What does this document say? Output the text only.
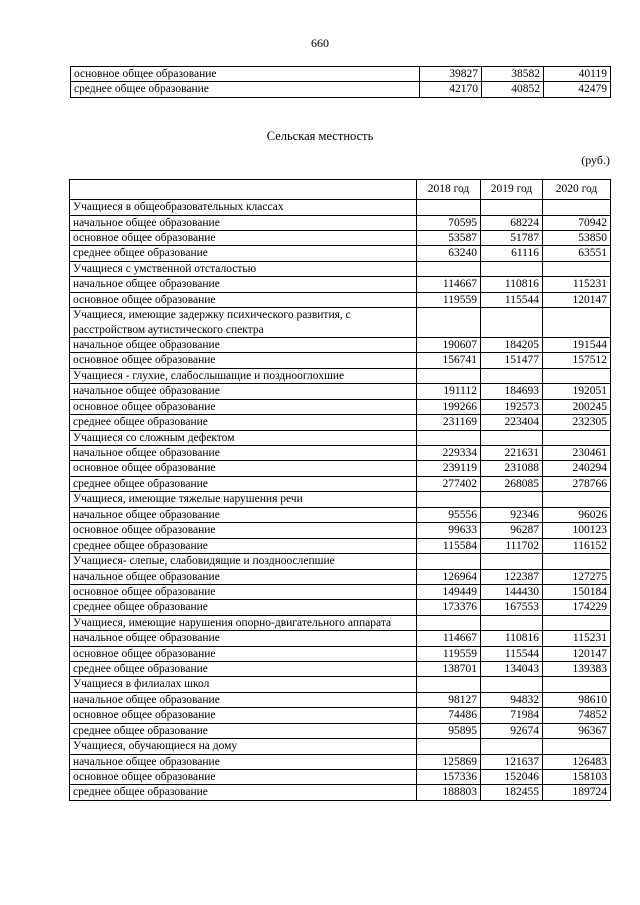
660
основное общее образование	39827	38582	40119
среднее общее образование	42170	40852	42479
Сельская местность
(руб.)
	2018 год	2019 год	2020 год
Учащиеся в общеобразовательных классах			
начальное общее образование	70595	68224	70942
основное общее образование	53587	51787	53850
среднее общее образование	63240	61116	63551
Учащиеся с умственной отсталостью			
начальное общее образование	114667	110816	115231
основное общее образование	119559	115544	120147
Учащиеся, имеющие задержку психического развития, с расстройством аутистического спектра			
начальное общее образование	190607	184205	191544
основное общее образование	156741	151477	157512
Учащиеся - глухие, слабослышащие и позднооглохшие			
начальное общее образование	191112	184693	192051
основное общее образование	199266	192573	200245
среднее общее образование	231169	223404	232305
Учащиеся со сложным дефектом			
начальное общее образование	229334	221631	230461
основное общее образование	239119	231088	240294
среднее общее образование	277402	268085	278766
Учащиеся, имеющие тяжелые нарушения речи			
начальное общее образование	95556	92346	96026
основное общее образование	99633	96287	100123
среднее общее образование	115584	111702	116152
Учащиеся- слепые, слабовидящие и поздноослепшие			
начальное общее образование	126964	122387	127275
основное общее образование	149449	144430	150184
среднее общее образование	173376	167553	174229
Учащиеся, имеющие нарушения опорно-двигательного аппарата			
начальное общее образование	114667	110816	115231
основное общее образование	119559	115544	120147
среднее общее образование	138701	134043	139383
Учащиеся в филиалах школ			
начальное общее образование	98127	94832	98610
основное общее образование	74486	71984	74852
среднее общее образование	95895	92674	96367
Учащиеся, обучающиеся на дому			
начальное общее образование	125869	121637	126483
основное общее образование	157336	152046	158103
среднее общее образование	188803	182455	189724
